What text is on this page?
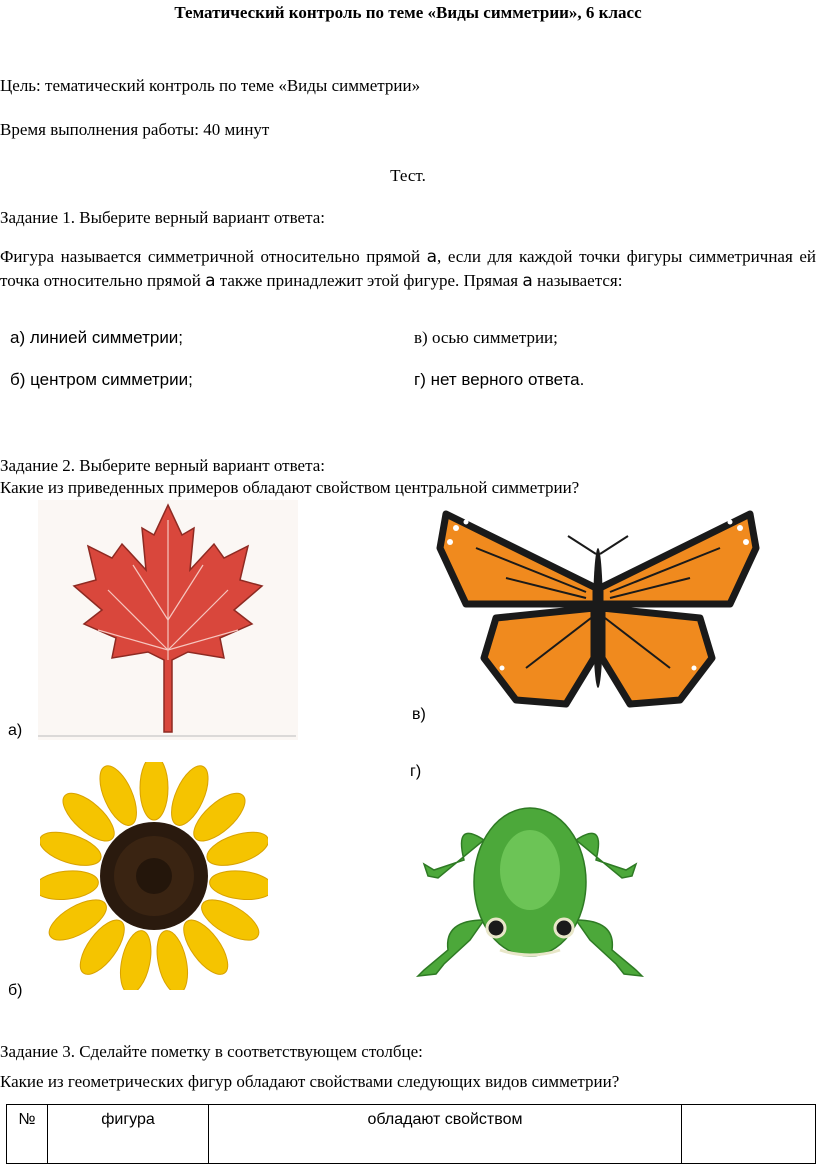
Тематический контроль по теме «Виды симметрии», 6 класс
Цель: тематический контроль по теме «Виды симметрии»
Время выполнения работы: 40 минут
Тест.
Задание 1. Выберите верный вариант ответа:
Фигура называется симметричной относительно прямой а, если для каждой точки фигуры симметричная ей точка относительно прямой а также принадлежит этой фигуре. Прямая а называется:
а) линией симметрии;	в) осью симметрии;
б) центром симметрии;	г) нет верного ответа.
Задание 2. Выберите верный вариант ответа:
Какие из приведенных примеров обладают свойством центральной симметрии?
а)
в)
г)
б)
Задание 3. Сделайте пометку в соответствующем столбце:
Какие из геометрических фигур обладают свойствами следующих видов симметрии?
№	фигура	обладают свойством	
